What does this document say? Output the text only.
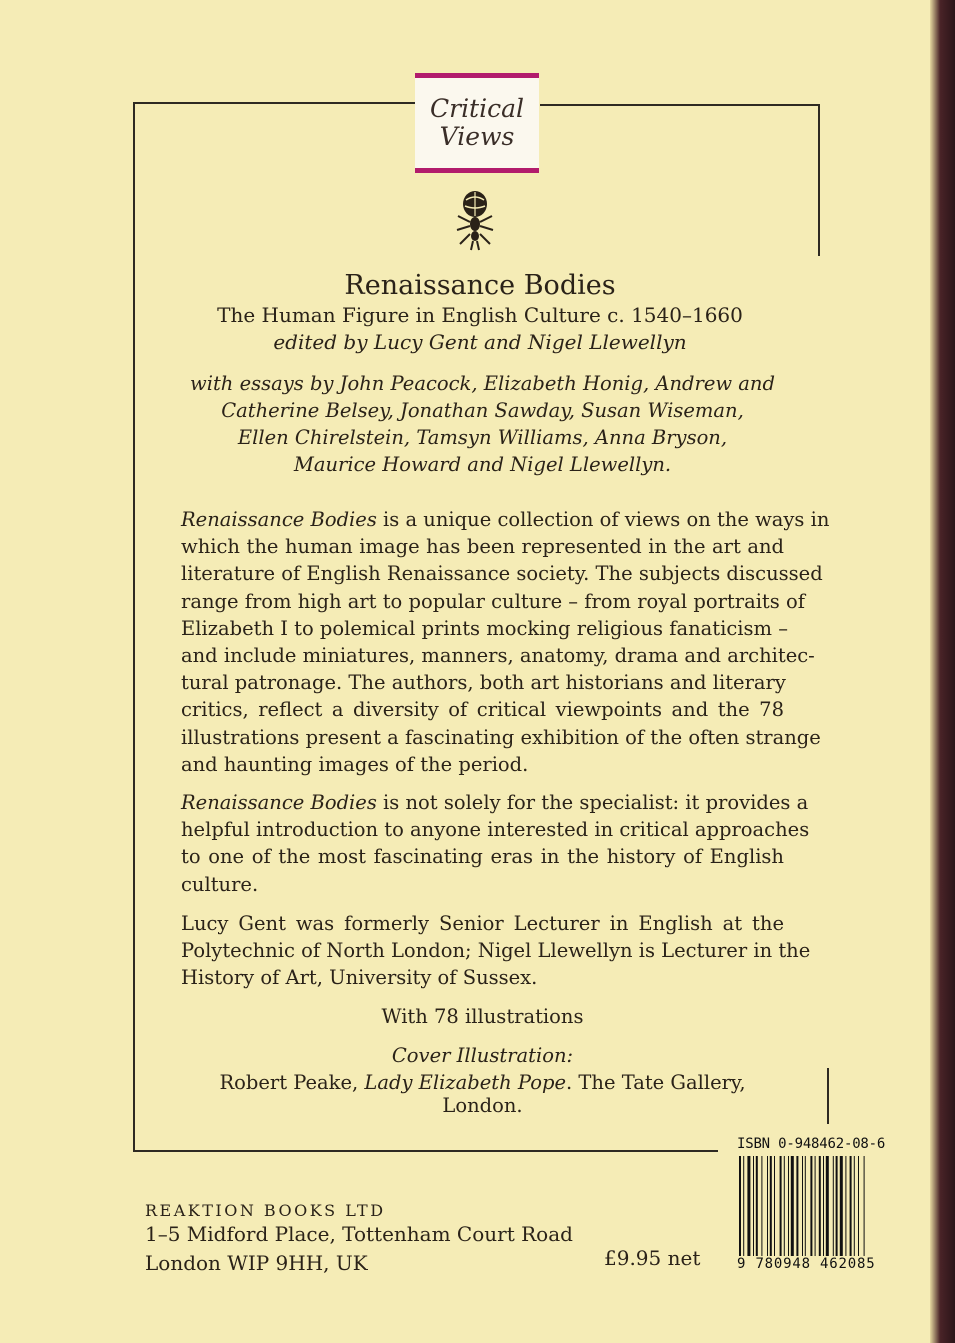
Critical
Views
Renaissance Bodies
The Human Figure in English Culture c. 1540–1660
edited by Lucy Gent and Nigel Llewellyn
with essays by John Peacock, Elizabeth Honig, Andrew and
Catherine Belsey, Jonathan Sawday, Susan Wiseman,
Ellen Chirelstein, Tamsyn Williams, Anna Bryson,
Maurice Howard and Nigel Llewellyn.
Renaissance Bodies is a unique collection of views on the ways in
which the human image has been represented in the art and
literature of English Renaissance society. The subjects discussed
range from high art to popular culture – from royal portraits of
Elizabeth I to polemical prints mocking religious fanaticism –
and include miniatures, manners, anatomy, drama and architec-
tural patronage. The authors, both art historians and literary
critics, reflect a diversity of critical viewpoints and the 78
illustrations present a fascinating exhibition of the often strange
and haunting images of the period.
Renaissance Bodies is not solely for the specialist: it provides a
helpful introduction to anyone interested in critical approaches
to one of the most fascinating eras in the history of English
culture.
Lucy Gent was formerly Senior Lecturer in English at the
Polytechnic of North London; Nigel Llewellyn is Lecturer in the
History of Art, University of Sussex.
With 78 illustrations
Cover Illustration:
Robert Peake, Lady Elizabeth Pope. The Tate Gallery, London.
REAKTION BOOKS LTD
1–5 Midford Place, Tottenham Court Road
London WIP 9HH, UK	£9.95 net
ISBN 0-948462-08-6
9 780948 462085
